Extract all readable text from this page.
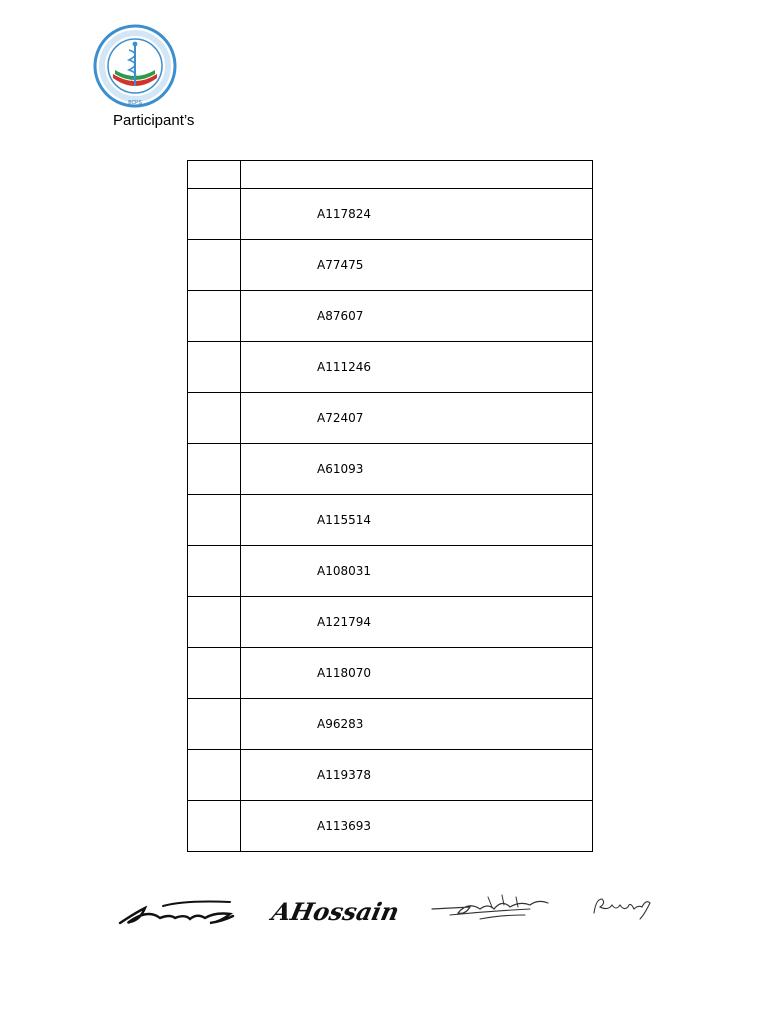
BCPS
Participant’s

	A117824
	A77475
	A87607
	A111246
	A72407
	A61093
	A115514
	A108031
	A121794
	A118070
	A96283
	A119378
	A113693
AHossain
